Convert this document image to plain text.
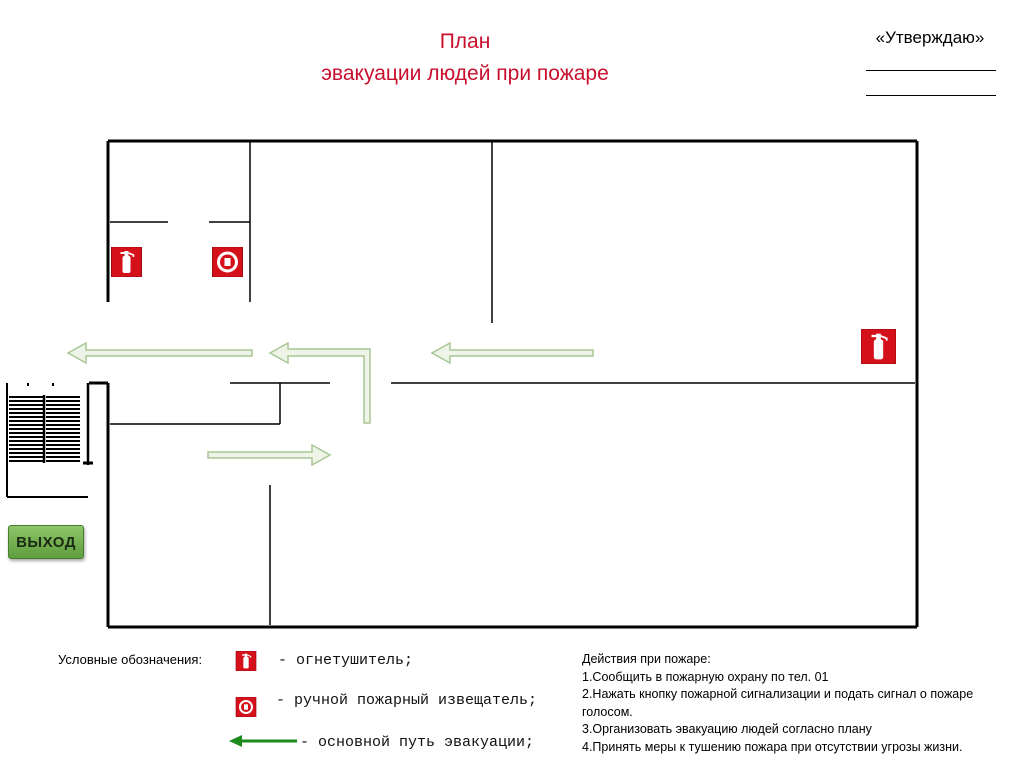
План
эвакуации людей при пожаре
«Утверждаю»
ВЫХОД
Условные обозначения:	- огнетушитель;
- ручной пожарный извещатель;
- основной путь эвакуации;
Действия при пожаре:
1.Сообщить в пожарную охрану по тел. 01
2.Нажать кнопку пожарной сигнализации и подать сигнал о пожаре голосом.
3.Организовать эвакуацию людей согласно плану
4.Принять меры к тушению пожара при отсутствии угрозы жизни.
